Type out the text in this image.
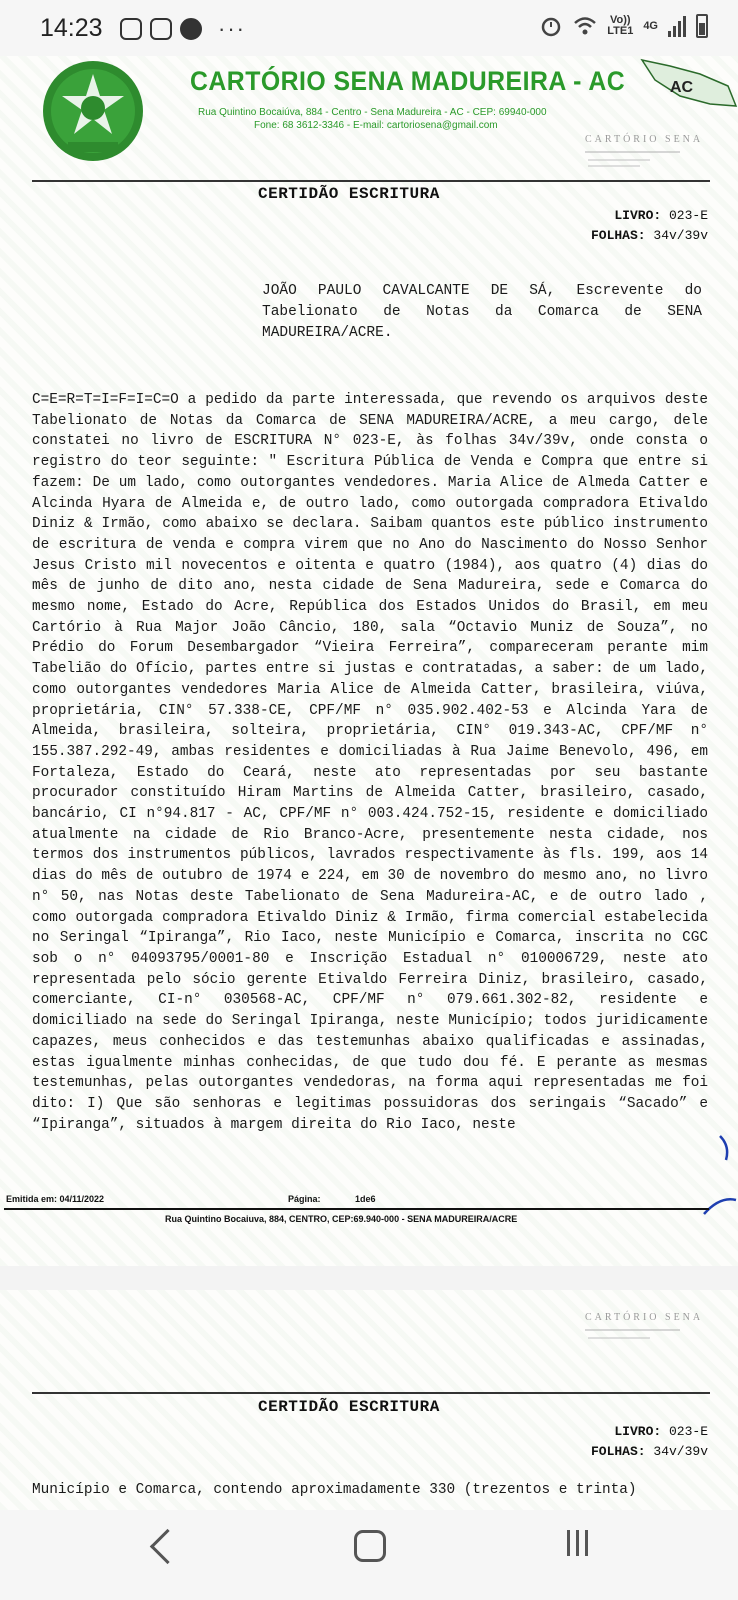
14:23	···	Vo))
LTE1 4G
CARTÓRIO SENA MADUREIRA - AC
Rua Quintino Bocaiúva, 884 - Centro - Sena Madureira - AC - CEP: 69940-000
Fone: 68 3612-3346 - E-mail: cartoriosena@gmail.com
AC
CARTÓRIO SENA
CERTIDÃO ESCRITURA
LIVRO: 023-E
FOLHAS: 34v/39v
JOÃO PAULO CAVALCANTE DE SÁ, Escrevente do Tabelionato de Notas da Comarca de SENA MADUREIRA/ACRE.
C=E=R=T=I=F=I=C=O a pedido da parte interessada, que revendo os arquivos deste Tabelionato de Notas da Comarca de SENA MADUREIRA/ACRE, a meu cargo, dele constatei no livro de ESCRITURA N° 023-E, às folhas 34v/39v, onde consta o registro do teor seguinte: " Escritura Pública de Venda e Compra que entre si fazem: De um lado, como outorgantes vendedores. Maria Alice de Almeda Catter e Alcinda Hyara de Almeida e, de outro lado, como outorgada compradora Etivaldo Diniz & Irmão, como abaixo se declara. Saibam quantos este público instrumento de escritura de venda e compra virem que no Ano do Nascimento do Nosso Senhor Jesus Cristo mil novecentos e oitenta e quatro (1984), aos quatro (4) dias do mês de junho de dito ano, nesta cidade de Sena Madureira, sede e Comarca do mesmo nome, Estado do Acre, República dos Estados Unidos do Brasil, em meu Cartório à Rua Major João Câncio, 180, sala “Octavio Muniz de Souza”, no Prédio do Forum Desembargador “Vieira Ferreira”, compareceram perante mim Tabelião do Ofício, partes entre si justas e contratadas, a saber: de um lado, como outorgantes vendedores Maria Alice de Almeida Catter, brasileira, viúva, proprietária, CIN° 57.338-CE, CPF/MF n° 035.902.402-53 e Alcinda Yara de Almeida, brasileira, solteira, proprietária, CIN° 019.343-AC, CPF/MF n° 155.387.292-49, ambas residentes e domiciliadas à Rua Jaime Benevolo, 496, em Fortaleza, Estado do Ceará, neste ato representadas por seu bastante procurador constituído Hiram Martins de Almeida Catter, brasileiro, casado, bancário, CI n°94.817 - AC, CPF/MF n° 003.424.752-15, residente e domiciliado atualmente na cidade de Rio Branco-Acre, presentemente nesta cidade, nos termos dos instrumentos públicos, lavrados respectivamente às fls. 199, aos 14 dias do mês de outubro de 1974 e 224, em 30 de novembro do mesmo ano, no livro n° 50, nas Notas deste Tabelionato de Sena Madureira-AC, e de outro lado , como outorgada compradora Etivaldo Diniz & Irmão, firma comercial estabelecida no Seringal “Ipiranga”, Rio Iaco, neste Município e Comarca, inscrita no CGC sob o n° 04093795/0001-80 e Inscrição Estadual n° 010006729, neste ato representada pelo sócio gerente Etivaldo Ferreira Diniz, brasileiro, casado, comerciante, CI-n° 030568-AC, CPF/MF n° 079.661.302-82, residente e domiciliado na sede do Seringal Ipiranga, neste Município; todos juridicamente capazes, meus conhecidos e das testemunhas abaixo qualificadas e assinadas, estas igualmente minhas conhecidas, de que tudo dou fé. E perante as mesmas testemunhas, pelas outorgantes vendedoras, na forma aqui representadas me foi dito: I) Que são senhoras e legitimas possuidoras dos seringais “Sacado” e “Ipiranga”, situados à margem direita do Rio Iaco, neste
Emitida em: 04/11/2022	Página:	1de6
Rua Quintino Bocaiuva, 884, CENTRO, CEP:69.940-000 - SENA MADUREIRA/ACRE
CARTÓRIO SENA
CERTIDÃO ESCRITURA
LIVRO: 023-E
FOLHAS: 34v/39v
Município e Comarca, contendo aproximadamente 330 (trezentos e trinta)
